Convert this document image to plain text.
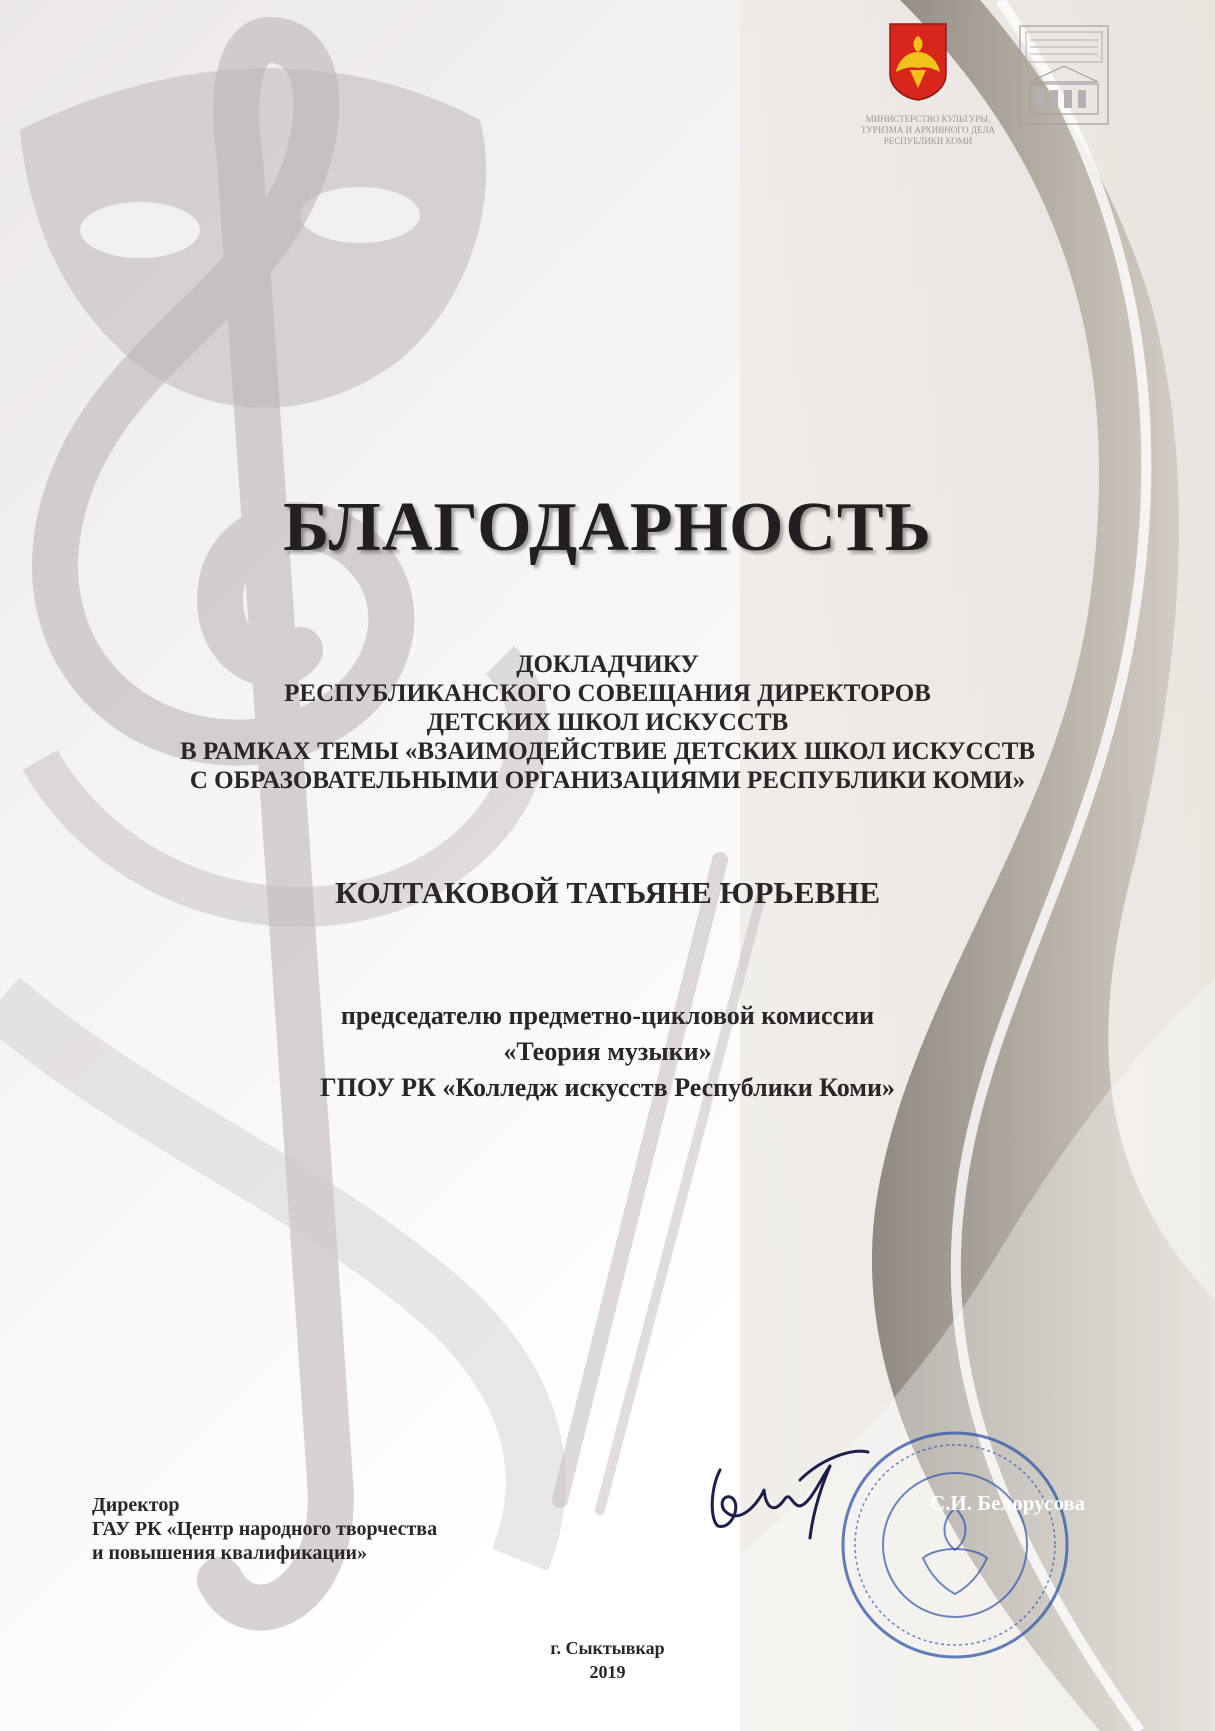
МИНИСТЕРСТВО КУЛЬТУРЫ,
ТУРИЗМА И АРХИВНОГО ДЕЛА
РЕСПУБЛИКИ КОМИ
БЛАГОДАРНОСТЬ
ДОКЛАДЧИКУ
РЕСПУБЛИКАНСКОГО СОВЕЩАНИЯ ДИРЕКТОРОВ
ДЕТСКИХ ШКОЛ ИСКУССТВ
В РАМКАХ ТЕМЫ «ВЗАИМОДЕЙСТВИЕ ДЕТСКИХ ШКОЛ ИСКУССТВ
С ОБРАЗОВАТЕЛЬНЫМИ ОРГАНИЗАЦИЯМИ РЕСПУБЛИКИ КОМИ»
КОЛТАКОВОЙ ТАТЬЯНЕ ЮРЬЕВНЕ
председателю предметно-цикловой комиссии
«Теория музыки»
ГПОУ РК «Колледж искусств Республики Коми»
Директор
ГАУ РК «Центр народного творчества
и повышения квалификации»
С.И. Белорусова
г. Сыктывкар
2019
